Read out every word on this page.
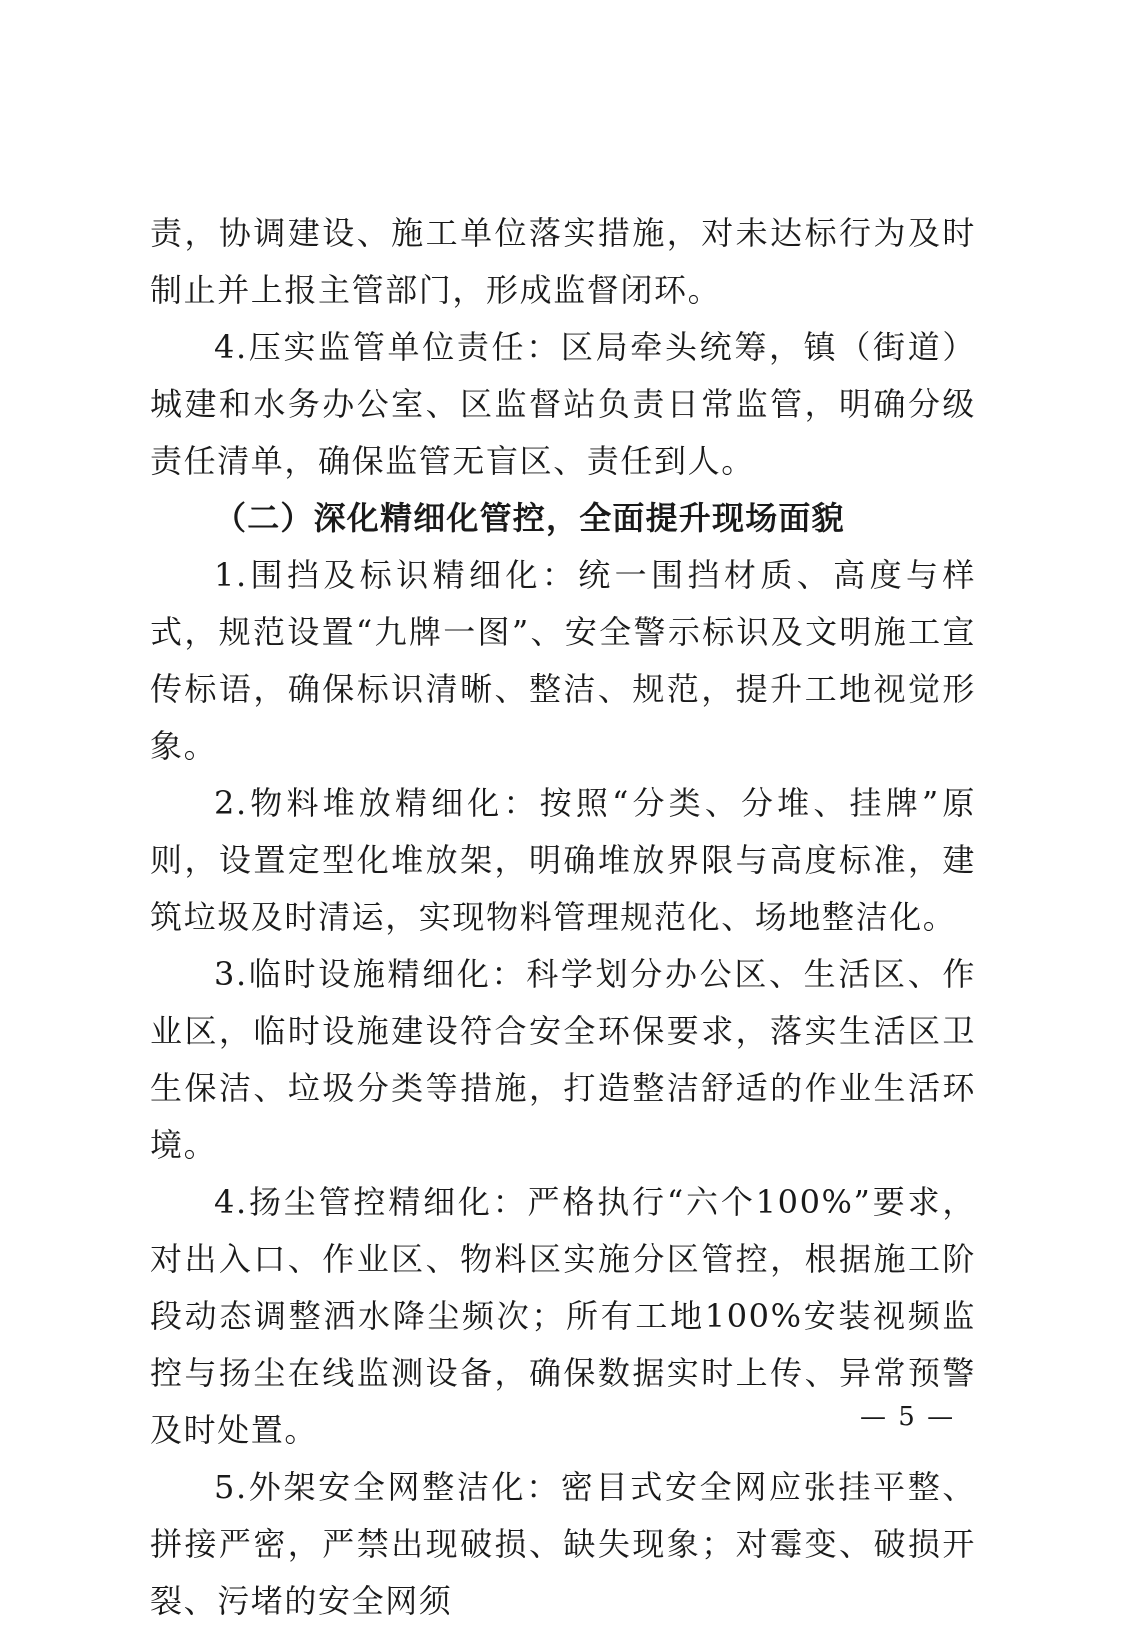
责，协调建设、施工单位落实措施，对未达标行为及时制止并上报主管部门，形成监督闭环。

4.压实监管单位责任：区局牵头统筹，镇（街道）城建和水务办公室、区监督站负责日常监管，明确分级责任清单，确保监管无盲区、责任到人。

（二）深化精细化管控，全面提升现场面貌

1.围挡及标识精细化：统一围挡材质、高度与样式，规范设置“九牌一图”、安全警示标识及文明施工宣传标语，确保标识清晰、整洁、规范，提升工地视觉形象。

2.物料堆放精细化：按照“分类、分堆、挂牌”原则，设置定型化堆放架，明确堆放界限与高度标准，建筑垃圾及时清运，实现物料管理规范化、场地整洁化。

3.临时设施精细化：科学划分办公区、生活区、作业区，临时设施建设符合安全环保要求，落实生活区卫生保洁、垃圾分类等措施，打造整洁舒适的作业生活环境。

4.扬尘管控精细化：严格执行“六个100%”要求，对出入口、作业区、物料区实施分区管控，根据施工阶段动态调整洒水降尘频次；所有工地100%安装视频监控与扬尘在线监测设备，确保数据实时上传、异常预警及时处置。

5.外架安全网整洁化：密目式安全网应张挂平整、拼接严密，严禁出现破损、缺失现象；对霉变、破损开裂、污堵的安全网须

— 5 —
